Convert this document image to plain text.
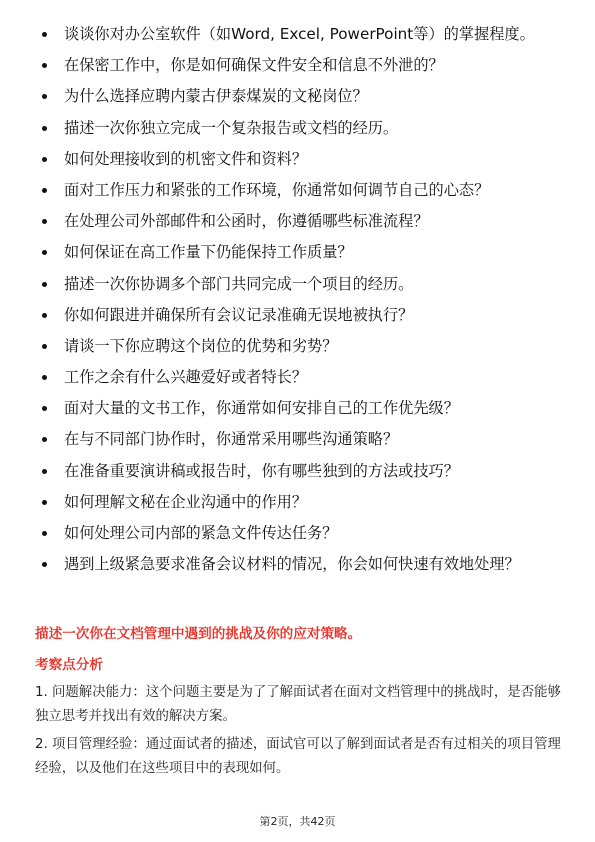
谈谈你对办公室软件（如Word, Excel, PowerPoint等）的掌握程度。
在保密工作中，你是如何确保文件安全和信息不外泄的？
为什么选择应聘内蒙古伊泰煤炭的文秘岗位？
描述一次你独立完成一个复杂报告或文档的经历。
如何处理接收到的机密文件和资料？
面对工作压力和紧张的工作环境，你通常如何调节自己的心态？
在处理公司外部邮件和公函时，你遵循哪些标准流程？
如何保证在高工作量下仍能保持工作质量？
描述一次你协调多个部门共同完成一个项目的经历。
你如何跟进并确保所有会议记录准确无误地被执行？
请谈一下你应聘这个岗位的优势和劣势？
工作之余有什么兴趣爱好或者特长？
面对大量的文书工作，你通常如何安排自己的工作优先级？
在与不同部门协作时，你通常采用哪些沟通策略？
在准备重要演讲稿或报告时，你有哪些独到的方法或技巧？
如何理解文秘在企业沟通中的作用？
如何处理公司内部的紧急文件传达任务？
遇到上级紧急要求准备会议材料的情况，你会如何快速有效地处理？

描述一次你在文档管理中遇到的挑战及你的应对策略。

考察点分析

1. 问题解决能力：这个问题主要是为了了解面试者在面对文档管理中的挑战时，是否能够独立思考并找出有效的解决方案。

2. 项目管理经验：通过面试者的描述，面试官可以了解到面试者是否有过相关的项目管理经验，以及他们在这些项目中的表现如何。

第2页，共42页
